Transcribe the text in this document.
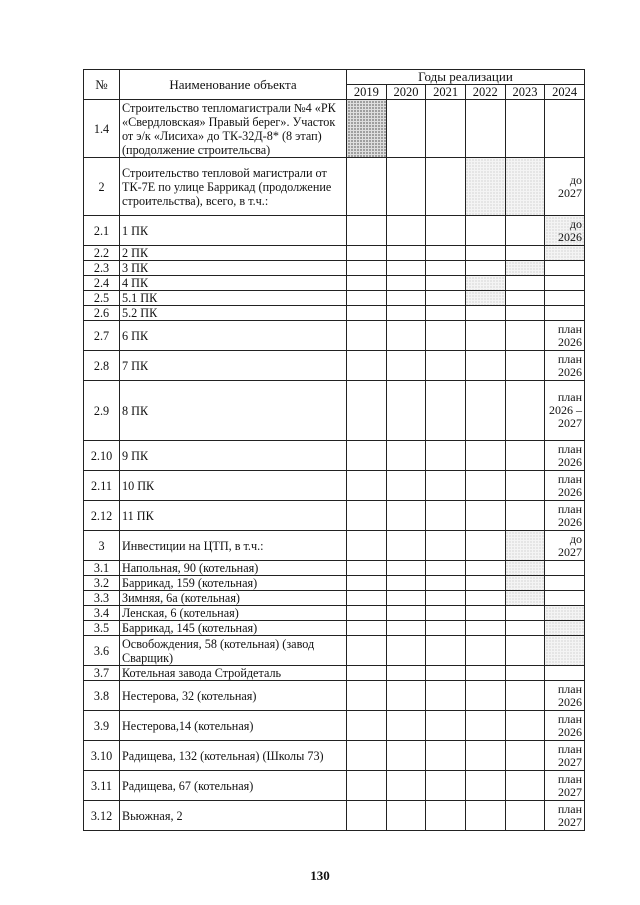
№	Наименование объекта	Годы реализации					
		2019	2020	2021	2022	2023	2024
1.4	Строительство тепломагистрали №4 «РК «Свердловская» Правый берег». Участок от э/к «Лисиха» до ТК-32Д-8* (8 этап) (продолжение строительсва)						
2	Строительство тепловой магистрали от ТК-7Е по улице Баррикад (продолжение строительства), всего, в т.ч.:						до 2027
2.1	1 ПК						до 2026
2.2	2 ПК						
2.3	3 ПК						
2.4	4 ПК						
2.5	5.1 ПК						
2.6	5.2 ПК						
2.7	6 ПК						план 2026
2.8	7 ПК						план 2026
2.9	8 ПК						план 2026 – 2027
2.10	9 ПК						план 2026
2.11	10 ПК						план 2026
2.12	11 ПК						план 2026
3	Инвестиции на ЦТП, в т.ч.:						до 2027
3.1	Напольная, 90 (котельная)						
3.2	Баррикад, 159 (котельная)						
3.3	Зимняя, 6а (котельная)						
3.4	Ленская, 6 (котельная)						
3.5	Баррикад, 145 (котельная)						
3.6	Освобождения, 58 (котельная) (завод Сварщик)						
3.7	Котельная завода Стройдеталь						
3.8	Нестерова, 32 (котельная)						план 2026
3.9	Нестерова,14 (котельная)						план 2026
3.10	Радищева, 132 (котельная) (Школы 73)						план 2027
3.11	Радищева, 67 (котельная)						план 2027
3.12	Вьюжная, 2						план 2027
130
